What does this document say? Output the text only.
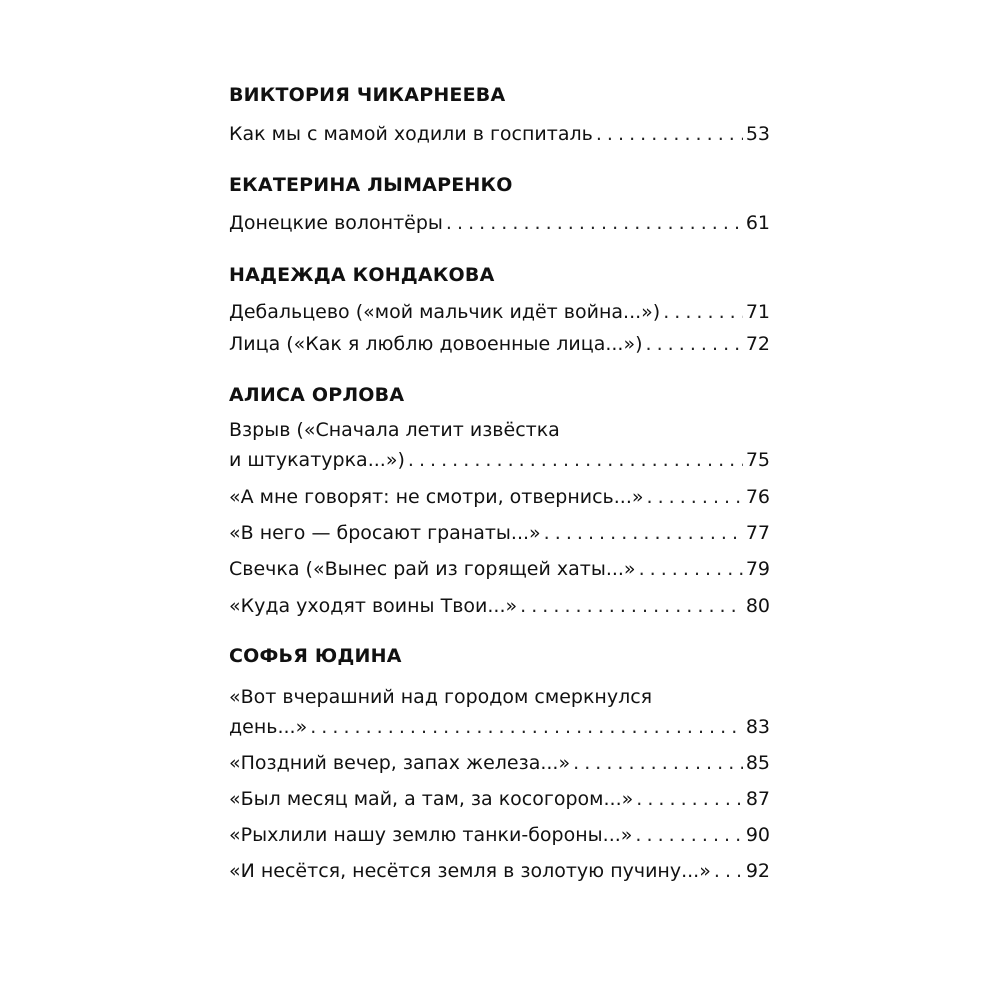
ВИКТОРИЯ ЧИКАРНЕЕВА
Как мы с мамой ходили в госпиталь . . .	53
ЕКАТЕРИНА ЛЫМАРЕНКО
Донецкие волонтёры . . .	61
НАДЕЖДА КОНДАКОВА
Дебальцево («мой мальчик идёт война...») . . .	71
Лица («Как я люблю довоенные лица...») . . .	72
АЛИСА ОРЛОВА
Взрыв («Сначала летит извёстка
и штукатурка...») . . .	75
«А мне говорят: не смотри, отвернись...» . . .	76
«В него — бросают гранаты...» . . .	77
Свечка («Вынес рай из горящей хаты...» . . .	79
«Куда уходят воины Твои...» . . .	80
СОФЬЯ ЮДИНА
«Вот вчерашний над городом смеркнулся
день...» . . .	83
«Поздний вечер, запах железа...» . . .	85
«Был месяц май, а там, за косогором...» . . .	87
«Рыхлили нашу землю танки-бороны...» . . .	90
«И несётся, несётся земля в золотую пучину...» . . . 92
